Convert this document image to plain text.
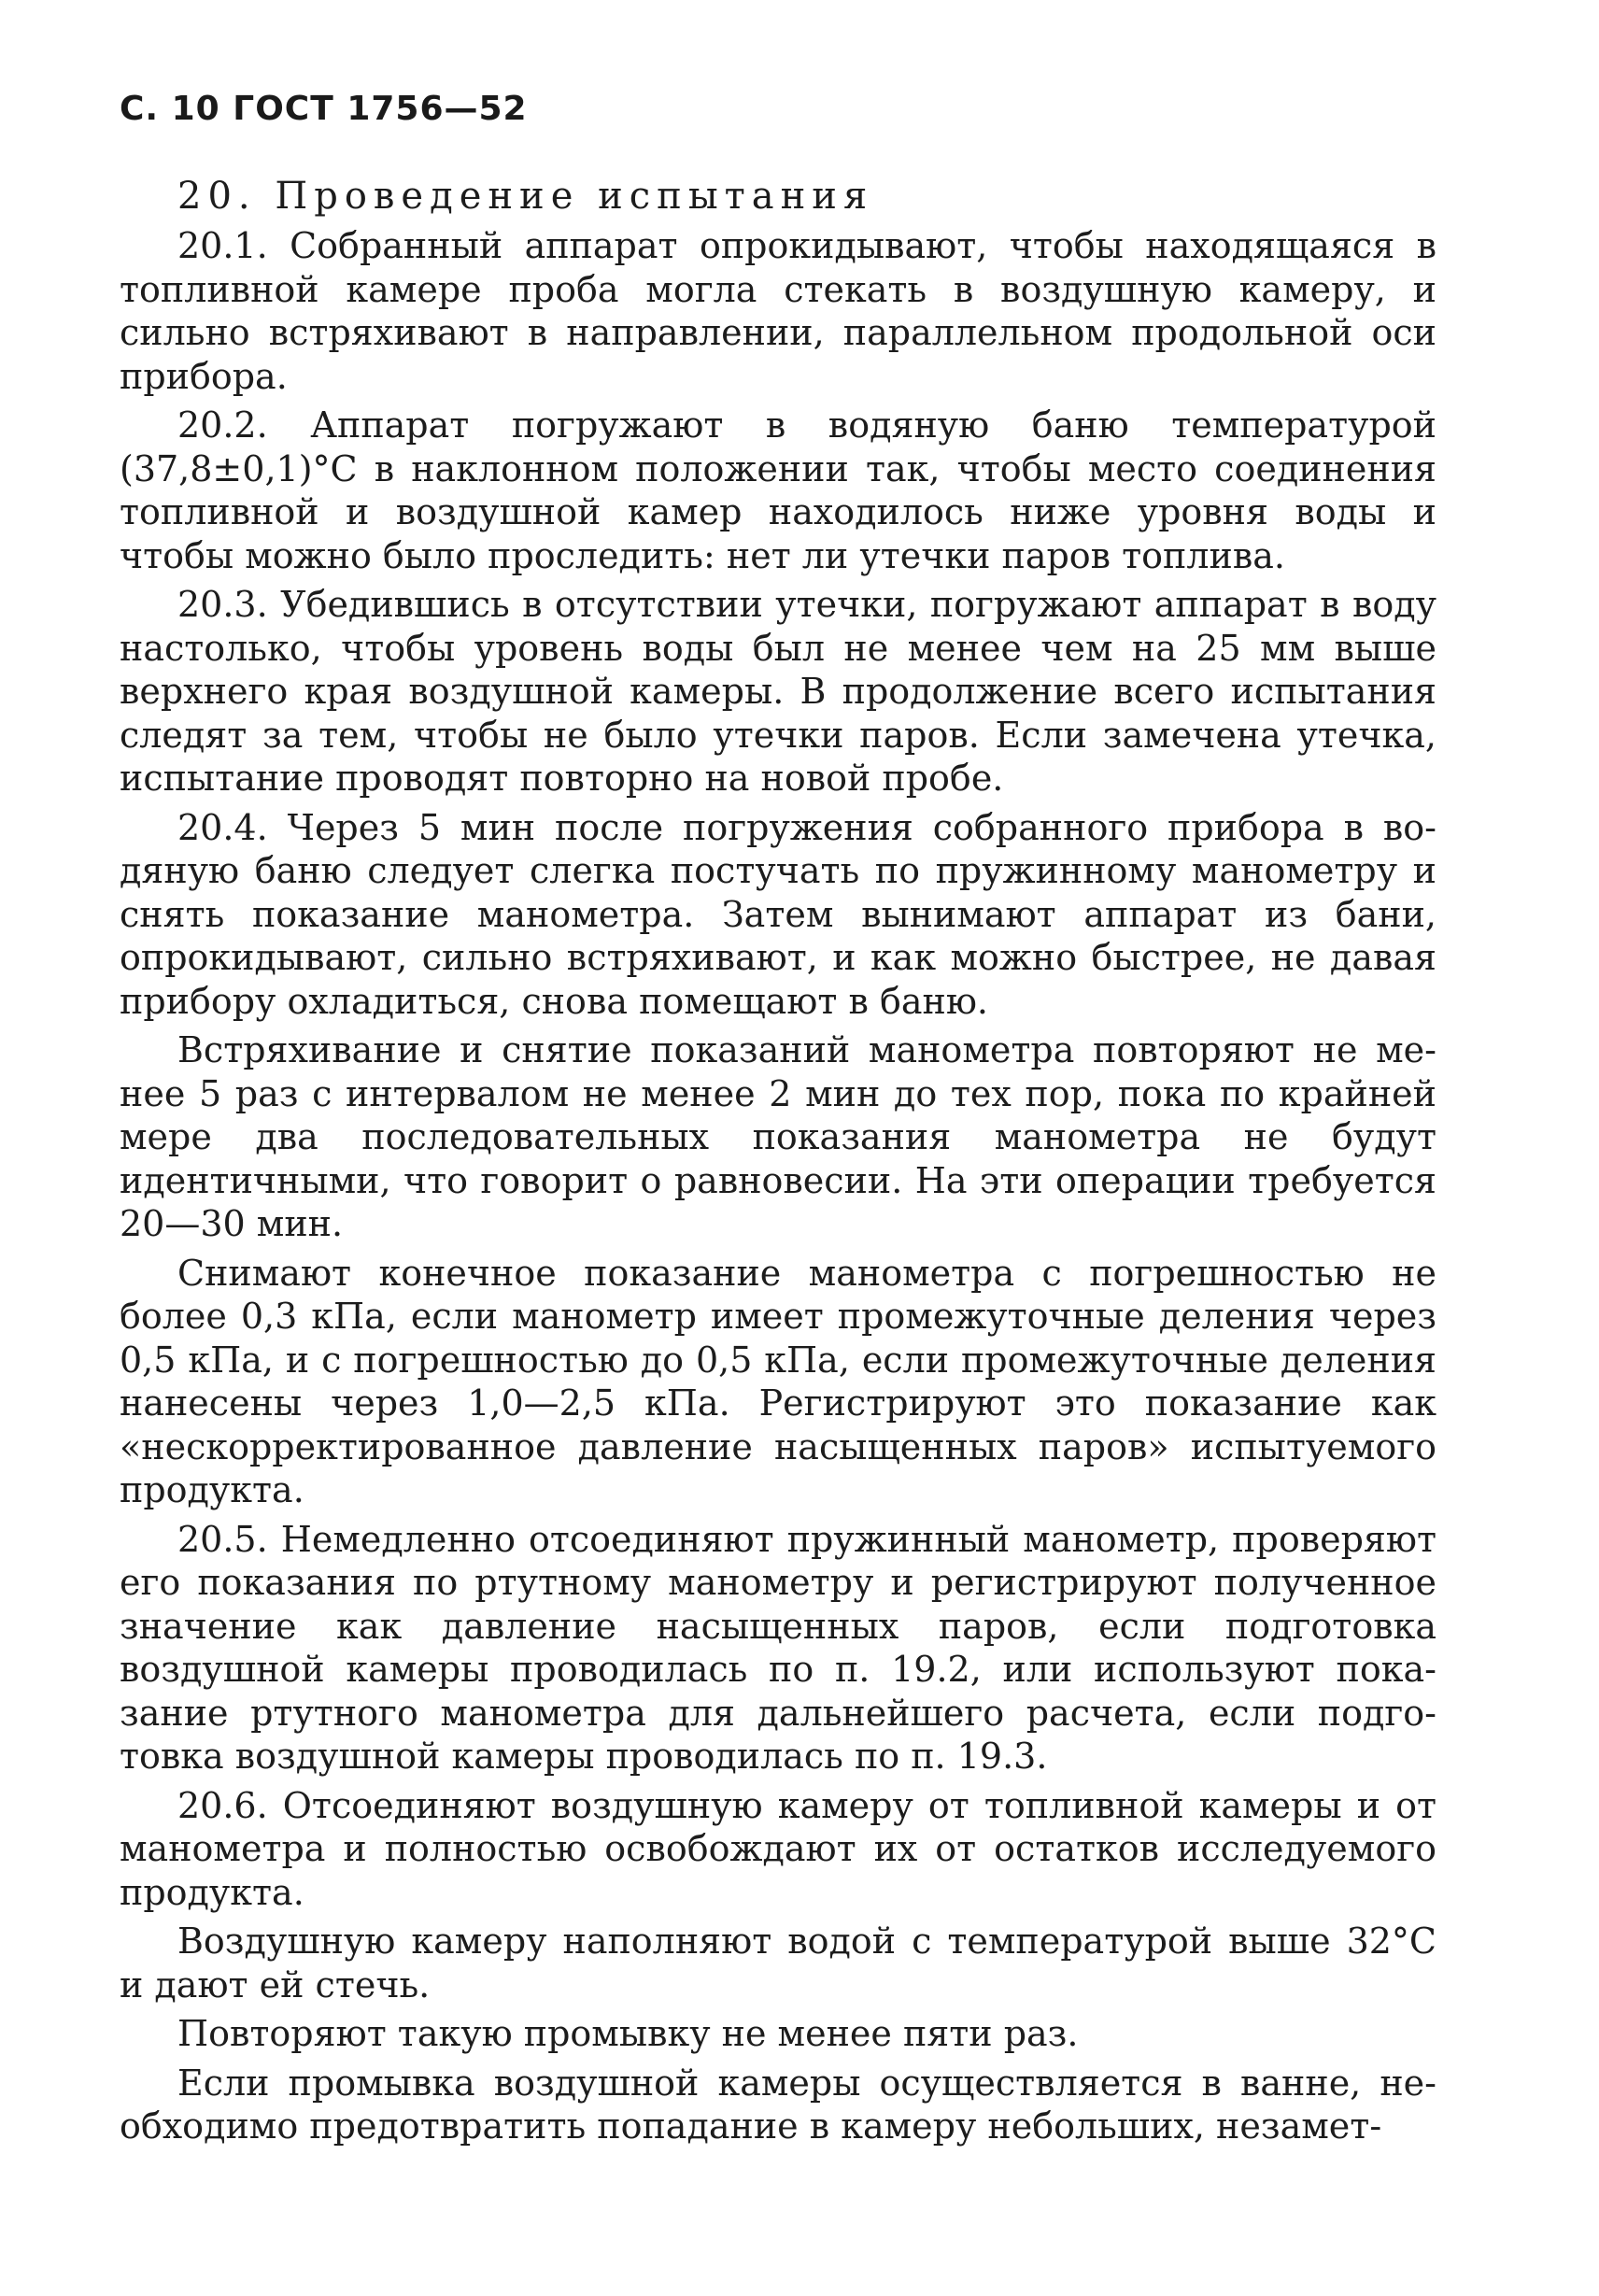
С. 10 ГОСТ 1756—52
20. Проведение испытания

20.1. Собранный аппарат опрокидывают, чтобы находящаяся в топливной камере проба могла стекать в воздушную камеру, и сильно встряхивают в направлении, параллельном продольной оси прибора.

20.2. Аппарат погружают в водяную баню температурой (37,8±0,1)°С в наклонном положении так, чтобы место соединения топливной и воздушной камер находилось ниже уровня воды и чтобы можно было проследить: нет ли утечки паров топлива.

20.3. Убедившись в отсутствии утечки, погружают аппарат в воду настолько, чтобы уровень воды был не менее чем на 25 мм выше верхнего края воздушной камеры. В продолжение всего испытания следят за тем, чтобы не было утечки паров. Если замечена утечка, испытание проводят повторно на новой пробе.

20.4. Через 5 мин после погружения собранного прибора в водяную баню следует слегка постучать по пружинному манометру и снять показание манометра. Затем вынимают аппарат из бани, опрокидывают, сильно встряхивают, и как можно быстрее, не давая прибору охладиться, снова помещают в баню.

Встряхивание и снятие показаний манометра повторяют не менее 5 раз с интервалом не менее 2 мин до тех пор, пока по крайней мере два последовательных показания манометра не будут идентичными, что говорит о равновесии. На эти операции требуется 20—30 мин.

Снимают конечное показание манометра с погрешностью не более 0,3 кПа, если манометр имеет промежуточные деления через 0,5 кПа, и с погрешностью до 0,5 кПа, если промежуточные деления нанесены через 1,0—2,5 кПа. Регистрируют это показание как «нескорректированное давление насыщенных паров» испытуемого продукта.

20.5. Немедленно отсоединяют пружинный манометр, проверяют его показания по ртутному манометру и регистрируют полученное значение как давление насыщенных паров, если подготовка воздушной камеры проводилась по п. 19.2, или используют показание ртутного манометра для дальнейшего расчета, если подготовка воздушной камеры проводилась по п. 19.3.

20.6. Отсоединяют воздушную камеру от топливной камеры и от манометра и полностью освобождают их от остатков исследуемого продукта.

Воздушную камеру наполняют водой с температурой выше 32°С и дают ей стечь.

Повторяют такую промывку не менее пяти раз.

Если промывка воздушной камеры осуществляется в ванне, необходимо предотвратить попадание в камеру небольших, незамет-
